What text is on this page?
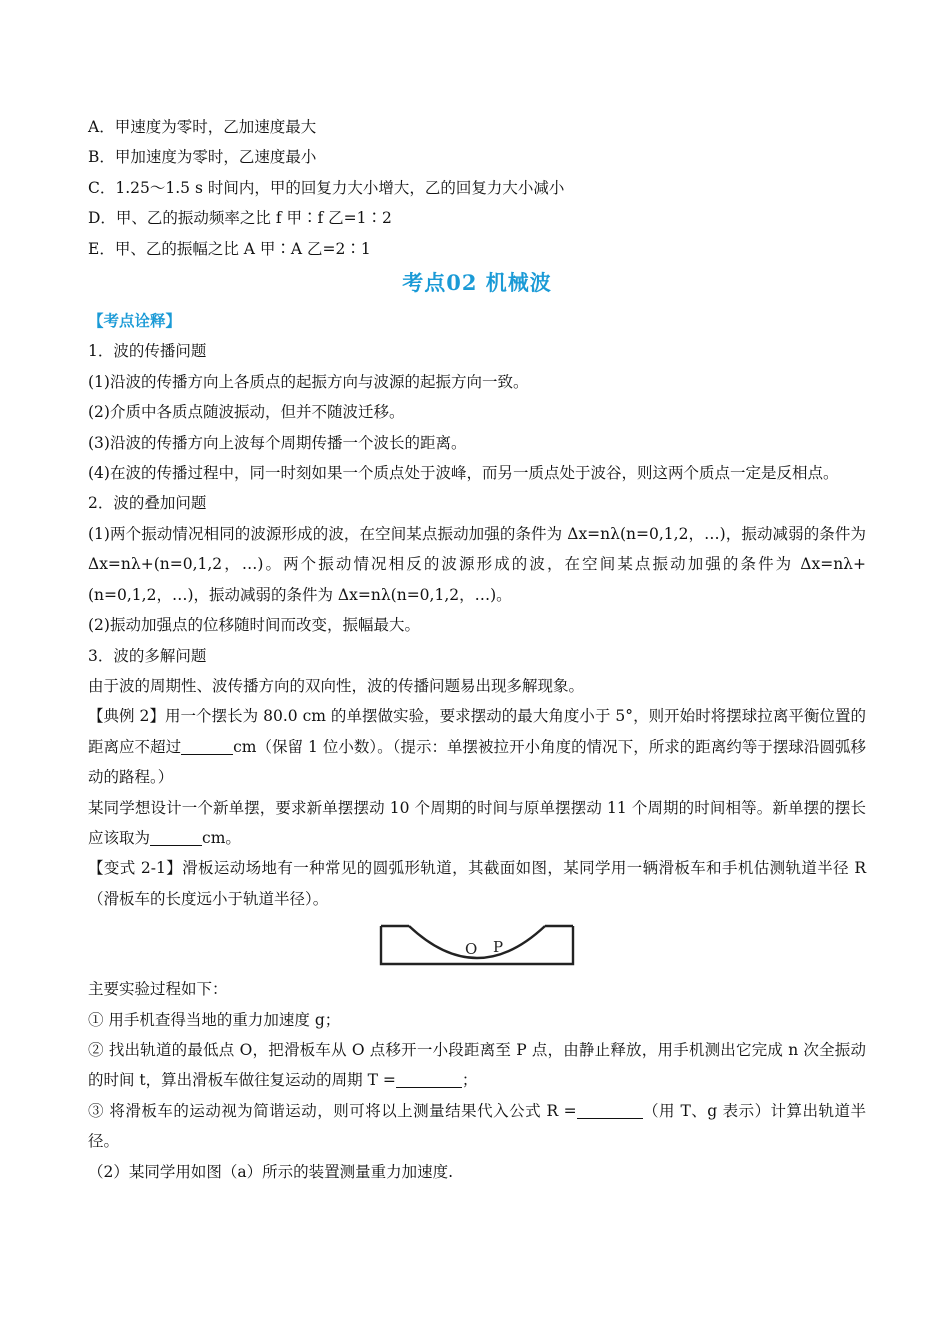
A．甲速度为零时，乙加速度最大

B．甲加速度为零时，乙速度最小

C．1.25～1.5 s 时间内，甲的回复力大小增大，乙的回复力大小减小

D．甲、乙的振动频率之比 f 甲∶f 乙=1∶2

E．甲、乙的振幅之比 A 甲∶A 乙=2∶1

考点02 机械波

【考点诠释】

1．波的传播问题

(1)沿波的传播方向上各质点的起振方向与波源的起振方向一致。

(2)介质中各质点随波振动，但并不随波迁移。

(3)沿波的传播方向上波每个周期传播一个波长的距离。

(4)在波的传播过程中，同一时刻如果一个质点处于波峰，而另一质点处于波谷，则这两个质点一定是反相点。

2．波的叠加问题

(1)两个振动情况相同的波源形成的波，在空间某点振动加强的条件为 Δx=nλ(n=0,1,2，…)，振动减弱的条件为 Δx=nλ+(n=0,1,2，…)。两个振动情况相反的波源形成的波，在空间某点振动加强的条件为 Δx=nλ+(n=0,1,2，…)，振动减弱的条件为 Δx=nλ(n=0,1,2，…)。

(2)振动加强点的位移随时间而改变，振幅最大。

3．波的多解问题

由于波的周期性、波传播方向的双向性，波的传播问题易出现多解现象。

【典例 2】用一个摆长为 80.0 cm 的单摆做实验，要求摆动的最大角度小于 5°，则开始时将摆球拉离平衡位置的距离应不超过	cm（保留 1 位小数）。（提示：单摆被拉开小角度的情况下，所求的距离约等于摆球沿圆弧移动的路程。）

某同学想设计一个新单摆，要求新单摆摆动 10 个周期的时间与原单摆摆动 11 个周期的时间相等。新单摆的摆长应该取为	cm。

【变式 2-1】滑板运动场地有一种常见的圆弧形轨道，其截面如图，某同学用一辆滑板车和手机估测轨道半径 R（滑板车的长度远小于轨道半径）。

O P

主要实验过程如下：

① 用手机查得当地的重力加速度 g；

② 找出轨道的最低点 O，把滑板车从 O 点移开一小段距离至 P 点，由静止释放，用手机测出它完成 n 次全振动的时间 t，算出滑板车做往复运动的周期 T =	；

③ 将滑板车的运动视为简谐运动，则可将以上测量结果代入公式 R =	（用 T、g 表示）计算出轨道半径。

（2）某同学用如图（a）所示的装置测量重力加速度.
